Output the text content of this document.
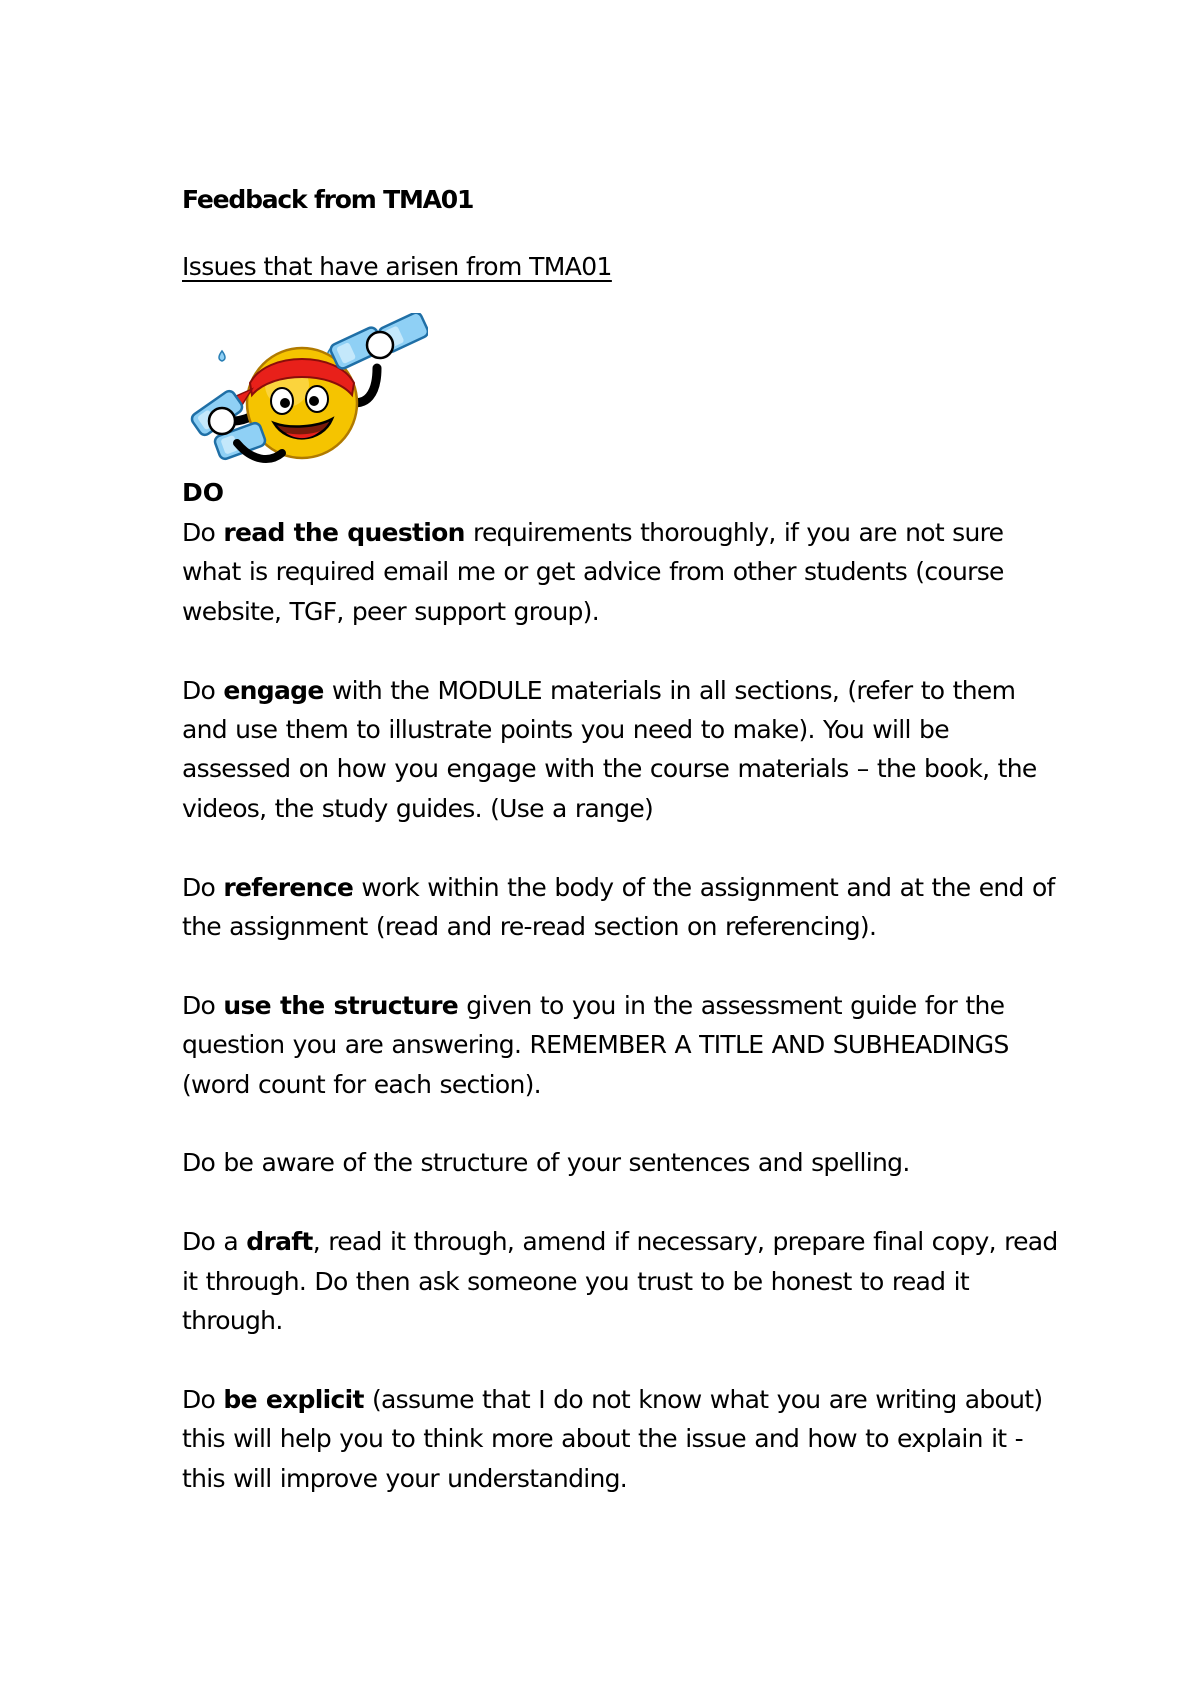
Feedback from TMA01

Issues that have arisen from TMA01

DO

Do read the question requirements thoroughly, if you are not sure what is required email me or get advice from other students (course website, TGF, peer support group).

Do engage with the MODULE materials in all sections, (refer to them and use them to illustrate points you need to make). You will be assessed on how you engage with the course materials – the book, the videos, the study guides. (Use a range)

Do reference work within the body of the assignment and at the end of the assignment (read and re-read section on referencing).

Do use the structure given to you in the assessment guide for the question you are answering. REMEMBER A TITLE AND SUBHEADINGS (word count for each section).

Do be aware of the structure of your sentences and spelling.

Do a draft, read it through, amend if necessary, prepare final copy, read it through. Do then ask someone you trust to be honest to read it through.

Do be explicit (assume that I do not know what you are writing about) this will help you to think more about the issue and how to explain it - this will improve your understanding.
